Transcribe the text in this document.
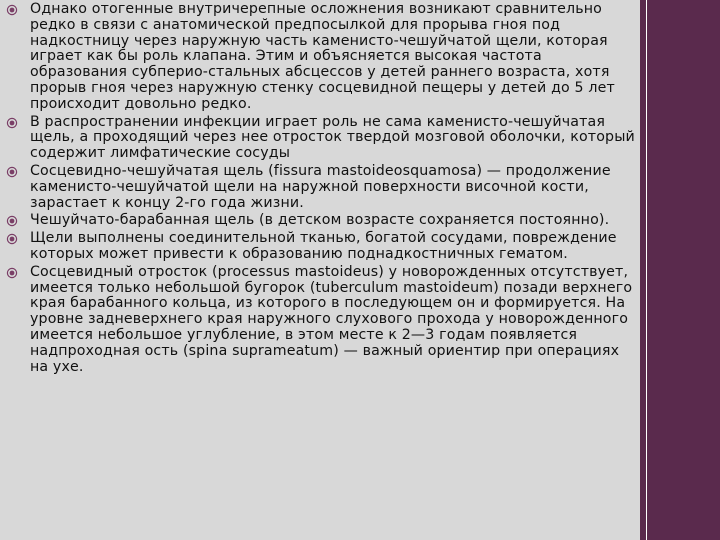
Однако отогенные внутричерепные осложнения возникают сравнительно редко в связи с анатомической предпосылкой для прорыва гноя под надкостницу через наружную часть каменисто-чешуйчатой щели, которая играет как бы роль клапана. Этим и объясняется высокая частота образования субперио-стальных абсцессов у детей раннего возраста, хотя прорыв гноя через наружную стенку сосцевидной пещеры у детей до 5 лет происходит довольно редко.
В распространении инфекции играет роль не сама каменисто-чешуйчатая щель, а проходящий через нее отросток твердой мозговой оболочки, который содержит лимфатические сосуды
Сосцевидно-чешуйчатая щель (fissura mastoideosquamosa) — продолжение каменисто-чешуйчатой щели на наружной поверхности височной кости, зарастает к концу 2-го года жизни.
Чешуйчато-барабанная щель (в детском возрасте сохраняется постоянно).
Щели выполнены соединительной тканью, богатой сосудами, повреждение которых может привести к образованию поднадкостничных гематом.
Сосцевидный отросток (processus mastoideus) у новорожденных отсутствует, имеется только небольшой бугорок (tuberculum mastoideum) позади верхнего края барабанного кольца, из которого в последующем он и формируется. На уровне задневерхнего края наружного слухового прохода у новорожденного имеется небольшое углубление, в этом месте к 2—3 годам появляется надпроходная ость (spina suprameatum) — важный ориентир при операциях на ухе.
